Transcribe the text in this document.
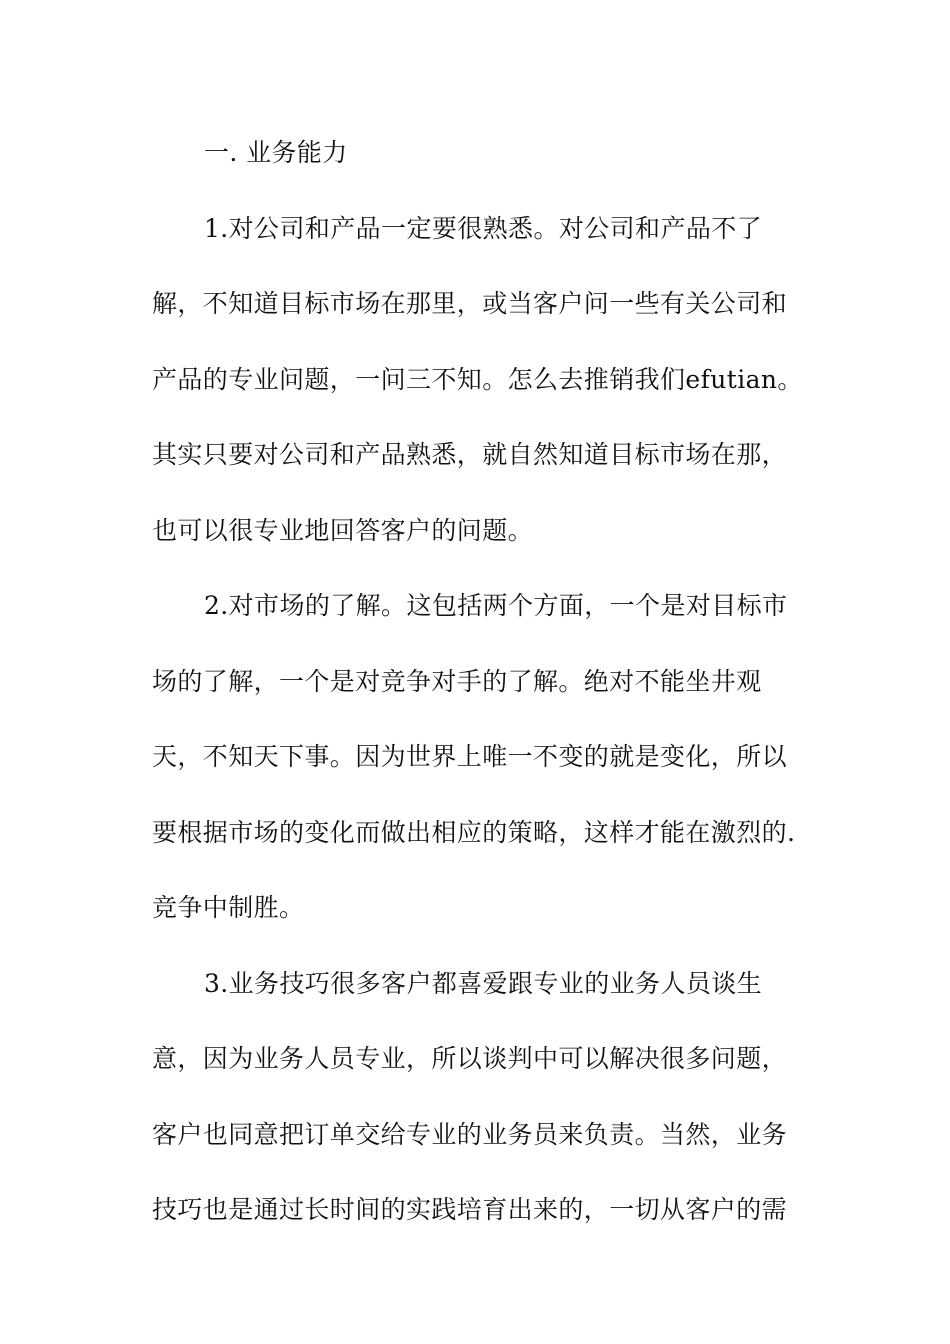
一. 业务能力
1.对公司和产品一定要很熟悉。对公司和产品不了
解，不知道目标市场在那里，或当客户问一些有关公司和
产品的专业问题，一问三不知。怎么去推销我们efutian。
其实只要对公司和产品熟悉，就自然知道目标市场在那，
也可以很专业地回答客户的问题。
2.对市场的了解。这包括两个方面，一个是对目标市
场的了解，一个是对竞争对手的了解。绝对不能坐井观
天，不知天下事。因为世界上唯一不变的就是变化，所以
要根据市场的变化而做出相应的策略，这样才能在激烈的.
竞争中制胜。
3.业务技巧很多客户都喜爱跟专业的业务人员谈生
意，因为业务人员专业，所以谈判中可以解决很多问题，
客户也同意把订单交给专业的业务员来负责。当然，业务
技巧也是通过长时间的实践培育出来的，一切从客户的需
